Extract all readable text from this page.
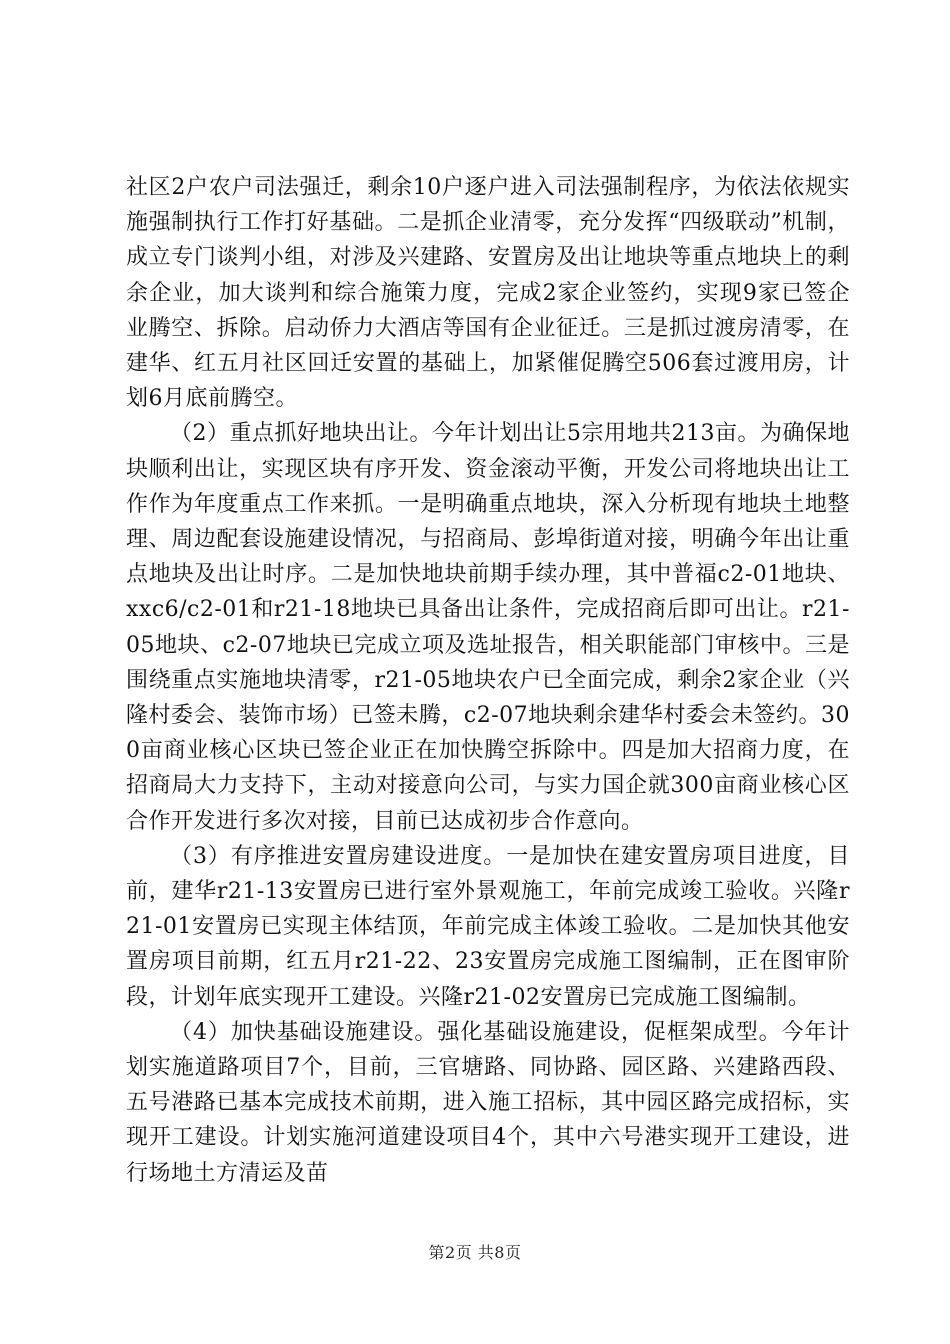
社区2户农户司法强迁，剩余10户逐户进入司法强制程序，为依法依规实施强制执行工作打好基础。二是抓企业清零，充分发挥“四级联动”机制，成立专门谈判小组，对涉及兴建路、安置房及出让地块等重点地块上的剩余企业，加大谈判和综合施策力度，完成2家企业签约，实现9家已签企业腾空、拆除。启动侨力大酒店等国有企业征迁。三是抓过渡房清零，在建华、红五月社区回迁安置的基础上，加紧催促腾空506套过渡用房，计划6月底前腾空。

（2）重点抓好地块出让。今年计划出让5宗用地共213亩。为确保地块顺利出让，实现区块有序开发、资金滚动平衡，开发公司将地块出让工作作为年度重点工作来抓。一是明确重点地块，深入分析现有地块土地整理、周边配套设施建设情况，与招商局、彭埠街道对接，明确今年出让重点地块及出让时序。二是加快地块前期手续办理，其中普福c2-01地块、xxc6/c2-01和r21-18地块已具备出让条件，完成招商后即可出让。r21-05地块、c2-07地块已完成立项及选址报告，相关职能部门审核中。三是围绕重点实施地块清零，r21-05地块农户已全面完成，剩余2家企业（兴隆村委会、装饰市场）已签未腾，c2-07地块剩余建华村委会未签约。300亩商业核心区块已签企业正在加快腾空拆除中。四是加大招商力度，在招商局大力支持下，主动对接意向公司，与实力国企就300亩商业核心区合作开发进行多次对接，目前已达成初步合作意向。

（3）有序推进安置房建设进度。一是加快在建安置房项目进度，目前，建华r21-13安置房已进行室外景观施工，年前完成竣工验收。兴隆r21-01安置房已实现主体结顶，年前完成主体竣工验收。二是加快其他安置房项目前期，红五月r21-22、23安置房完成施工图编制，正在图审阶段，计划年底实现开工建设。兴隆r21-02安置房已完成施工图编制。

（4）加快基础设施建设。强化基础设施建设，促框架成型。今年计划实施道路项目7个，目前，三官塘路、同协路、园区路、兴建路西段、五号港路已基本完成技术前期，进入施工招标，其中园区路完成招标，实现开工建设。计划实施河道建设项目4个，其中六号港实现开工建设，进行场地土方清运及苗

第2页 共8页
